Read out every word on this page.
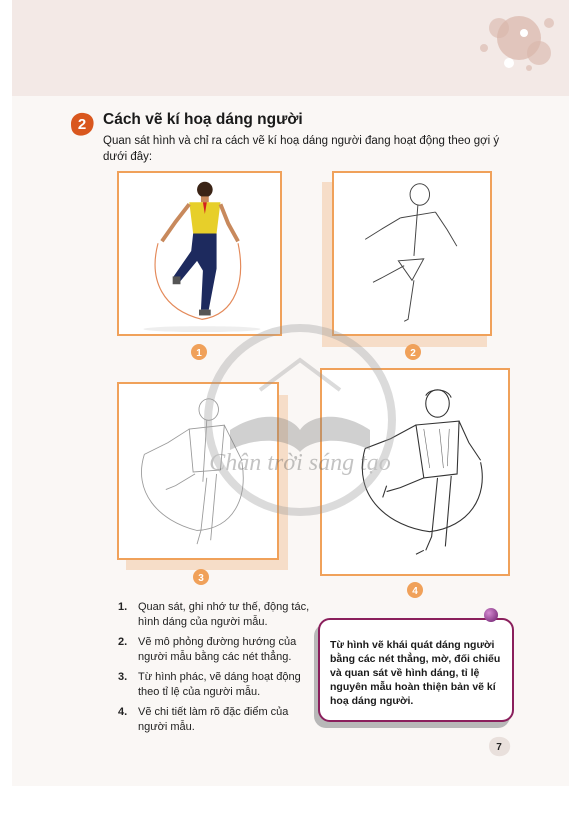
2 Cách vẽ kí hoạ dáng người
Quan sát hình và chỉ ra cách vẽ kí hoạ dáng người đang hoạt động theo gợi ý dưới đây:
1	2
3
4
Chân trời sáng tạo
1. Quan sát, ghi nhớ tư thế, động tác, hình dáng của người mẫu.
2. Vẽ mô phỏng đường hướng của người mẫu bằng các nét thẳng.
3. Từ hình phác, vẽ dáng hoạt động theo tỉ lệ của người mẫu.
4. Vẽ chi tiết làm rõ đặc điểm của người mẫu.
Từ hình vẽ khái quát dáng người bằng các nét thẳng, mờ, đối chiếu và quan sát về hình dáng, tỉ lệ nguyên mẫu hoàn thiện bản vẽ kí hoạ dáng người.
7
